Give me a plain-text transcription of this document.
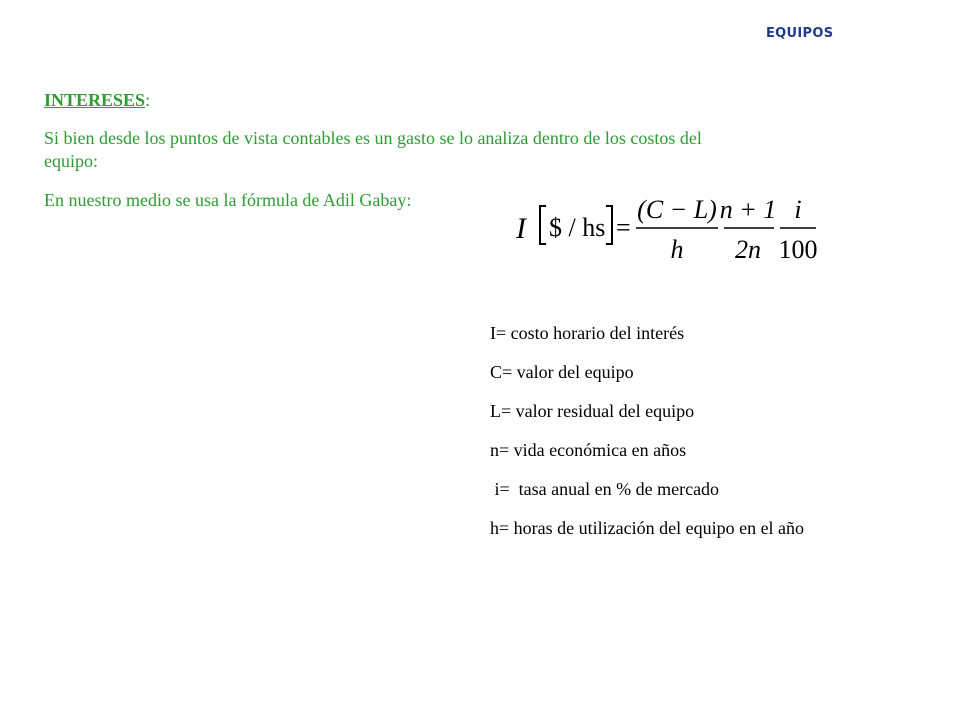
EQUIPOS
INTERESES:
Si bien desde los puntos de vista contables es un gasto se lo analiza dentro de los costos del equipo:
En nuestro medio se usa la fórmula de Adil Gabay:
I $ / hs =
(C − L)
h
n + 1
2n
i
100
I= costo horario del interés
C= valor del equipo
L= valor residual del equipo
n= vida económica en años
i=  tasa anual en % de mercado
h= horas de utilización del equipo en el año
